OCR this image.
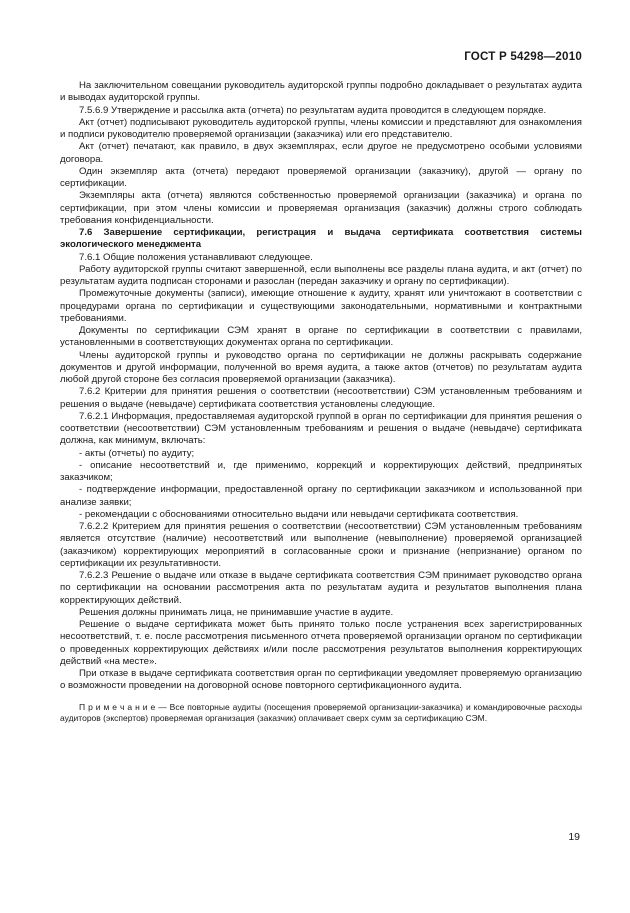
ГОСТ Р 54298—2010

На заключительном совещании руководитель аудиторской группы подробно докладывает о результатах аудита и выводах аудиторской группы.

7.5.6.9 Утверждение и рассылка акта (отчета) по результатам аудита проводится в следующем порядке.

Акт (отчет) подписывают руководитель аудиторской группы, члены комиссии и представляют для ознакомления и подписи руководителю проверяемой организации (заказчика) или его представителю.

Акт (отчет) печатают, как правило, в двух экземплярах, если другое не предусмотрено особыми условиями договора.

Один экземпляр акта (отчета) передают проверяемой организации (заказчику), другой — органу по сертификации.

Экземпляры акта (отчета) являются собственностью проверяемой организации (заказчика) и органа по сертификации, при этом члены комиссии и проверяемая организация (заказчик) должны строго соблюдать требования конфиденциальности.

7.6 Завершение сертификации, регистрация и выдача сертификата соответствия системы экологического менеджмента

7.6.1 Общие положения устанавливают следующее.

Работу аудиторской группы считают завершенной, если выполнены все разделы плана аудита, и акт (отчет) по результатам аудита подписан сторонами и разослан (передан заказчику и органу по сертификации).

Промежуточные документы (записи), имеющие отношение к аудиту, хранят или уничтожают в соответствии с процедурами органа по сертификации и существующими законодательными, нормативными и контрактными требованиями.

Документы по сертификации СЭМ хранят в органе по сертификации в соответствии с правилами, установленными в соответствующих документах органа по сертификации.

Члены аудиторской группы и руководство органа по сертификации не должны раскрывать содержание документов и другой информации, полученной во время аудита, а также актов (отчетов) по результатам аудита любой другой стороне без согласия проверяемой организации (заказчика).

7.6.2 Критерии для принятия решения о соответствии (несоответствии) СЭМ установленным требованиям и решения о выдаче (невыдаче) сертификата соответствия установлены следующие.

7.6.2.1 Информация, предоставляемая аудиторской группой в орган по сертификации для принятия решения о соответствии (несоответствии) СЭМ установленным требованиям и решения о выдаче (невыдаче) сертификата должна, как минимум, включать:

- акты (отчеты) по аудиту;

- описание несоответствий и, где применимо, коррекций и корректирующих действий, предпринятых заказчиком;

- подтверждение информации, предоставленной органу по сертификации заказчиком и использованной при анализе заявки;

- рекомендации с обоснованиями относительно выдачи или невыдачи сертификата соответствия.

7.6.2.2 Критерием для принятия решения о соответствии (несоответствии) СЭМ установленным требованиям является отсутствие (наличие) несоответствий или выполнение (невыполнение) проверяемой организацией (заказчиком) корректирующих мероприятий в согласованные сроки и признание (непризнание) органом по сертификации их результативности.

7.6.2.3 Решение о выдаче или отказе в выдаче сертификата соответствия СЭМ принимает руководство органа по сертификации на основании рассмотрения акта по результатам аудита и результатов выполнения плана корректирующих действий.

Решения должны принимать лица, не принимавшие участие в аудите.

Решение о выдаче сертификата может быть принято только после устранения всех зарегистрированных несоответствий, т. е. после рассмотрения письменного отчета проверяемой организации органом по сертификации о проведенных корректирующих действиях и/или после рассмотрения результатов выполнения корректирующих действий «на месте».

При отказе в выдаче сертификата соответствия орган по сертификации уведомляет проверяемую организацию о возможности проведении на договорной основе повторного сертификационного аудита.

П р и м е ч а н и е — Все повторные аудиты (посещения проверяемой организации-заказчика) и командировочные расходы аудиторов (экспертов) проверяемая организация (заказчик) оплачивает сверх сумм за сертификацию СЭМ.

19
